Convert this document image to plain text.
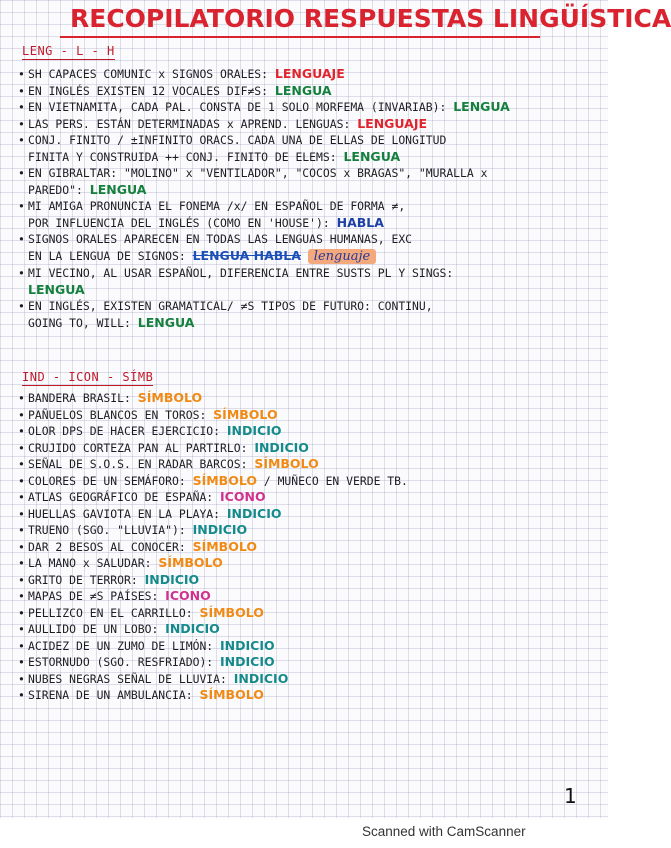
RECOPILATORIO RESPUESTAS LINGÜÍSTICA
LENG - L - H
• SH CAPACES COMUNIC x SIGNOS ORALES: LENGUAJE
• EN INGLÉS EXISTEN 12 VOCALES DIF≠S: LENGUA
• EN VIETNAMITA, CADA PAL. CONSTA DE 1 SOLO MORFEMA (INVARIAB): LENGUA
• LAS PERS. ESTÁN DETERMINADAS x APREND. LENGUAS: LENGUAJE
• CONJ. FINITO / ±INFINITO ORACS. CADA UNA DE ELLAS DE LONGITUD
FINITA Y CONSTRUIDA ++ CONJ. FINITO DE ELEMS: LENGUA
• EN GIBRALTAR: "MOLINO" x "VENTILADOR", "COCOS x BRAGAS", "MURALLA x
PAREDO": LENGUA
• MI AMIGA PRONUNCIA EL FONEMA /x/ EN ESPAÑOL DE FORMA ≠,
POR INFLUENCIA DEL INGLÉS (COMO EN 'HOUSE'): HABLA
• SIGNOS ORALES APARECEN EN TODAS LAS LENGUAS HUMANAS, EXC
EN LA LENGUA DE SIGNOS: LENGUA HABLA lenguaje
• MI VECINO, AL USAR ESPAÑOL, DIFERENCIA ENTRE SUSTS PL Y SINGS:
LENGUA
• EN INGLÉS, EXISTEN GRAMATICAL/ ≠S TIPOS DE FUTURO: CONTINU,
GOING TO, WILL: LENGUA
IND - ICON - SÍMB
• BANDERA BRASIL: SÍMBOLO
• PAÑUELOS BLANCOS EN TOROS: SÍMBOLO
• OLOR DPS DE HACER EJERCICIO: INDICIO
• CRUJIDO CORTEZA PAN AL PARTIRLO: INDICIO
• SEÑAL DE S.O.S. EN RADAR BARCOS: SÍMBOLO
• COLORES DE UN SEMÁFORO: SÍMBOLO / MUÑECO EN VERDE TB.
• ATLAS GEOGRÁFICO DE ESPAÑA: ICONO
• HUELLAS GAVIOTA EN LA PLAYA: INDICIO
• TRUENO (SGO. "LLUVIA"): INDICIO
• DAR 2 BESOS AL CONOCER: SÍMBOLO
• LA MANO x SALUDAR: SÍMBOLO
• GRITO DE TERROR: INDICIO
• MAPAS DE ≠S PAÍSES: ICONO
• PELLIZCO EN EL CARRILLO: SÍMBOLO
• AULLIDO DE UN LOBO: INDICIO
• ACIDEZ DE UN ZUMO DE LIMÓN: INDICIO
• ESTORNUDO (SGO. RESFRIADO): INDICIO
• NUBES NEGRAS SEÑAL DE LLUVIA: INDICIO
• SIRENA DE UN AMBULANCIA: SÍMBOLO
1
Scanned with CamScanner
